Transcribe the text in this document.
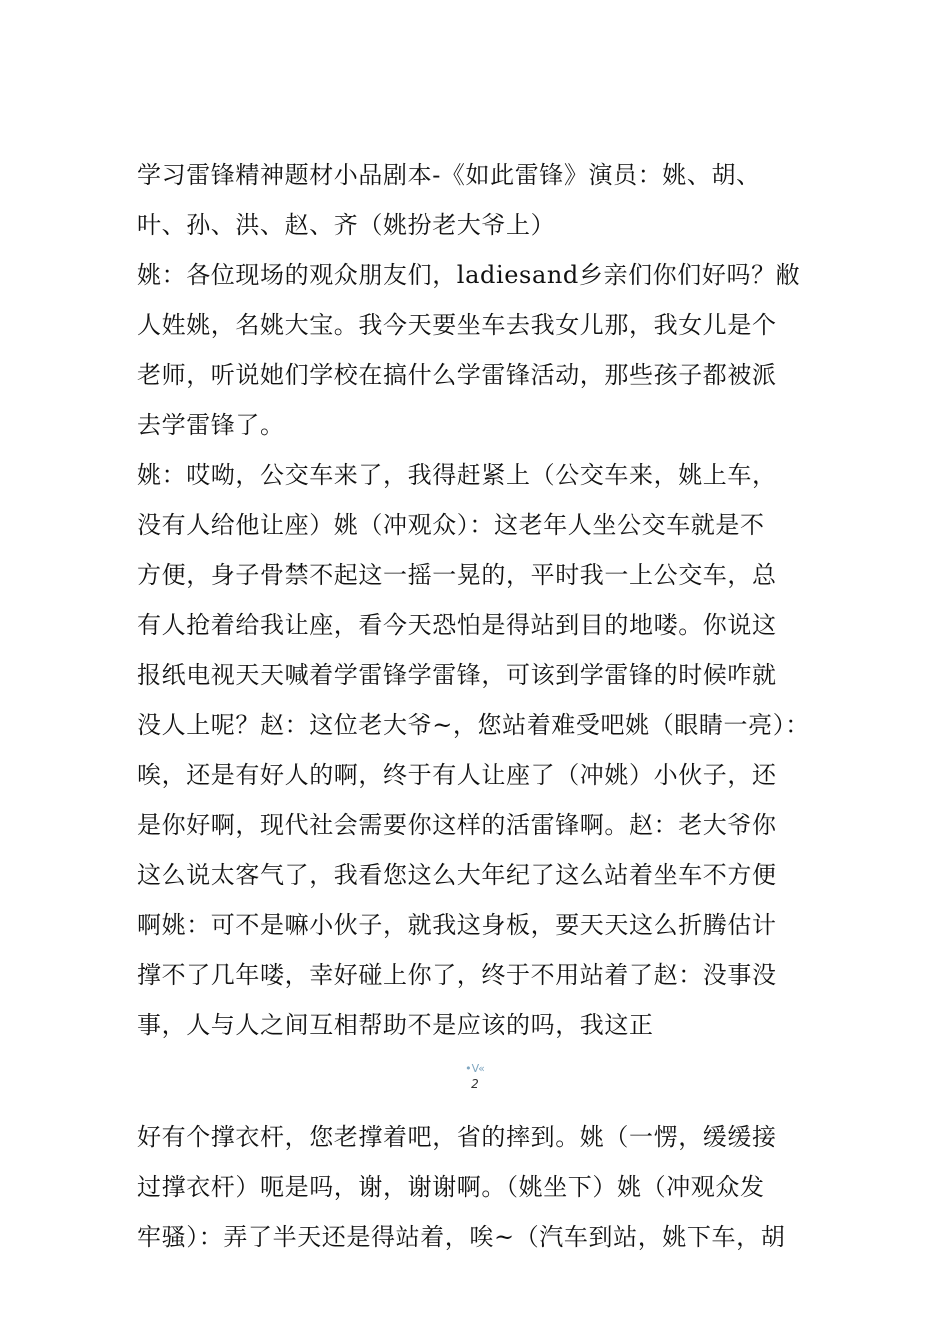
学习雷锋精神题材小品剧本-《如此雷锋》演员：姚、胡、
叶、孙、洪、赵、齐（姚扮老大爷上）
姚：各位现场的观众朋友们，ladiesand乡亲们你们好吗？敝
人姓姚，名姚大宝。我今天要坐车去我女儿那，我女儿是个
老师，听说她们学校在搞什么学雷锋活动，那些孩子都被派
去学雷锋了。
姚：哎呦，公交车来了，我得赶紧上（公交车来，姚上车，
没有人给他让座）姚（冲观众）：这老年人坐公交车就是不
方便，身子骨禁不起这一摇一晃的，平时我一上公交车，总
有人抢着给我让座，看今天恐怕是得站到目的地喽。你说这
报纸电视天天喊着学雷锋学雷锋，可该到学雷锋的时候咋就
没人上呢？赵：这位老大爷~，您站着难受吧姚（眼睛一亮）：
唉，还是有好人的啊，终于有人让座了（冲姚）小伙子，还
是你好啊，现代社会需要你这样的活雷锋啊。赵：老大爷你
这么说太客气了，我看您这么大年纪了这么站着坐车不方便
啊姚：可不是嘛小伙子，就我这身板，要天天这么折腾估计
撑不了几年喽，幸好碰上你了，终于不用站着了赵：没事没
事，人与人之间互相帮助不是应该的吗，我这正
•V«
2
好有个撑衣杆，您老撑着吧，省的摔到。姚（一愣，缓缓接
过撑衣杆）呃是吗，谢，谢谢啊。（姚坐下）姚（冲观众发
牢骚）：弄了半天还是得站着，唉~（汽车到站，姚下车，胡
